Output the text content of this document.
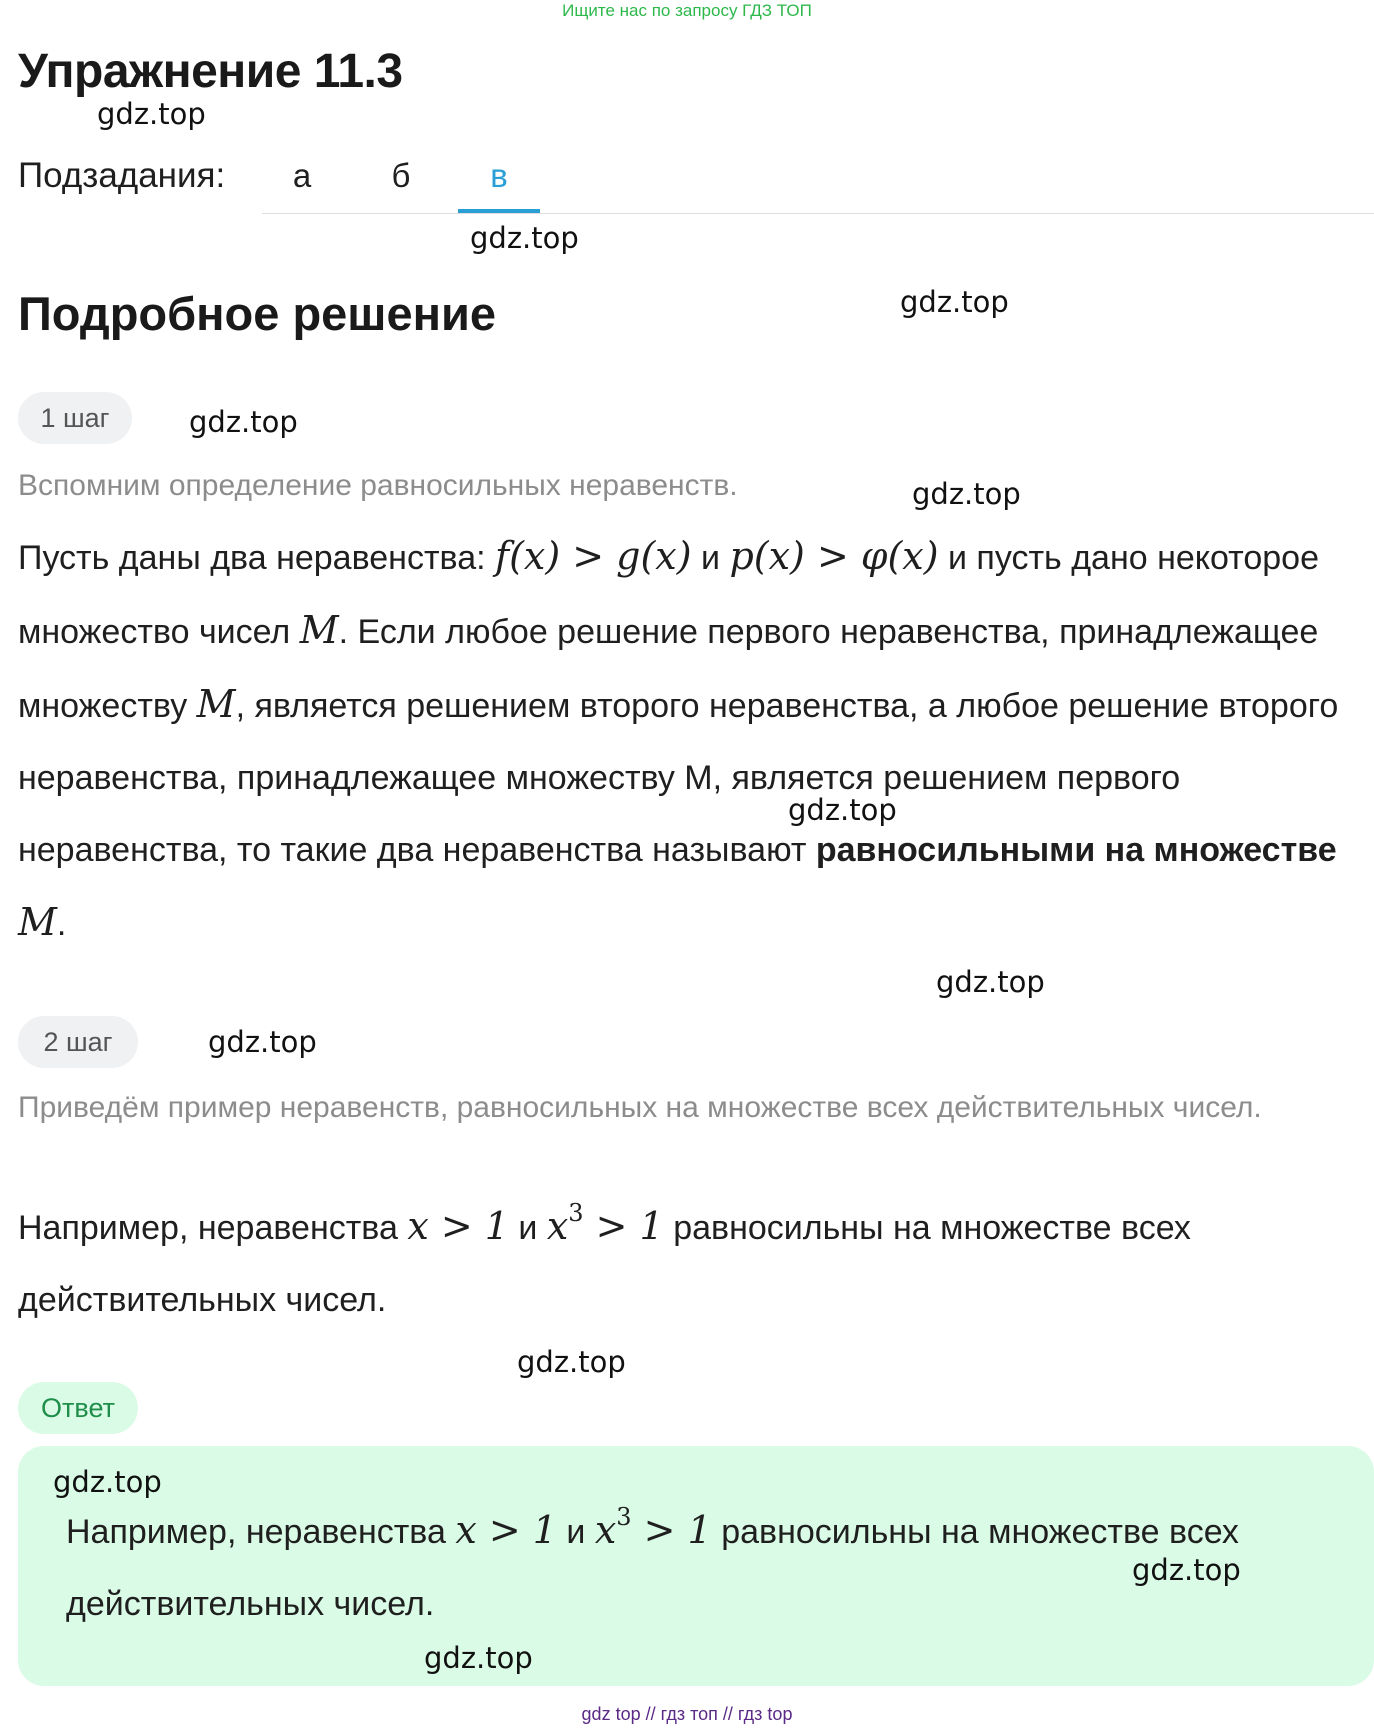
Ищите нас по запросу ГДЗ ТОП
Упражнение 11.3
Подзадания:	а	б	в
Подробное решение
1 шаг
Вспомним определение равносильных неравенств.
Пусть даны два неравенства: f(x) > g(x) и p(x) > φ(x) и пусть дано некоторое множество чисел M. Если любое решение первого неравенства, принадлежащее множеству M, является решением второго неравенства, а любое решение второго неравенства, принадлежащее множеству М, является решением первого неравенства, то такие два неравенства называют равносильными на множестве M.
2 шаг
Приведём пример неравенств, равносильных на множестве всех действительных чисел.
Например, неравенства x > 1 и $x^3 > 1$ равносильны на множестве всех действительных чисел.
Ответ
Например, неравенства x > 1 и $x^3 > 1$ равносильны на множестве всех действительных чисел.
gdz.top
gdz.top
gdz.top
gdz.top
gdz.top
gdz.top
gdz.top
gdz.top
gdz.top
gdz.top
gdz.top
gdz.top
gdz top // гдз топ // гдз top
